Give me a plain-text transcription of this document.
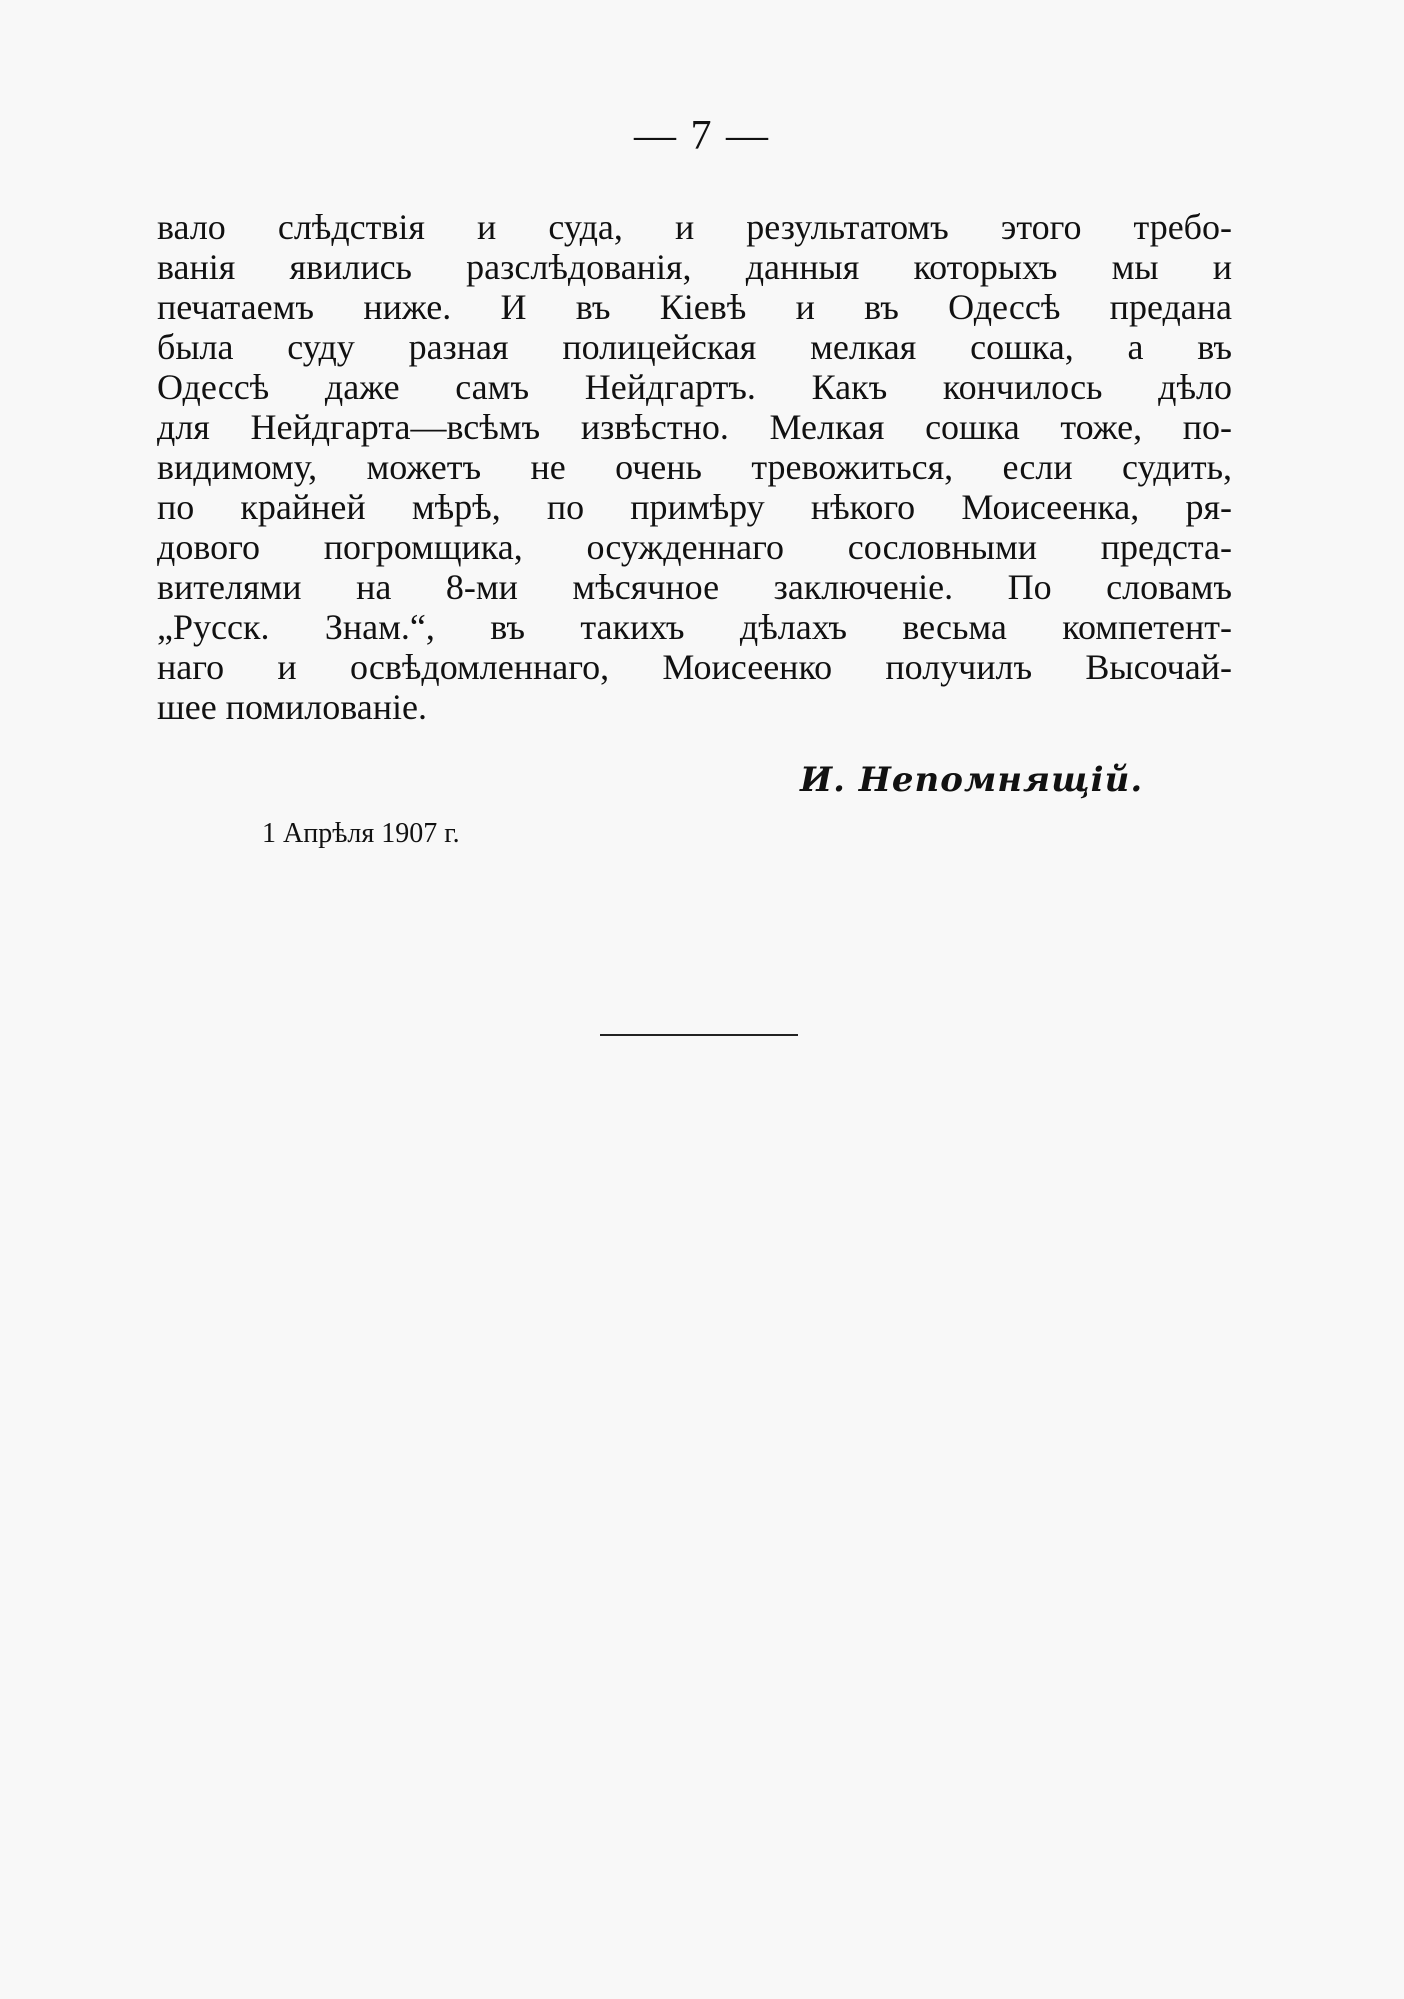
— 7 —
вало слѣдствія и суда, и результатомъ этого требо-
ванія явились разслѣдованія, данныя которыхъ мы и
печатаемъ ниже. И въ Кіевѣ и въ Одессѣ предана
была суду разная полицейская мелкая сошка, а въ
Одессѣ даже самъ Нейдгартъ. Какъ кончилось дѣло
для Нейдгарта—всѣмъ извѣстно. Мелкая сошка тоже, по-
видимому, можетъ не очень тревожиться, если судить,
по крайней мѣрѣ, по примѣру нѣкого Моисеенка, ря-
дового погромщика, осужденнаго сословными предста-
вителями на 8-ми мѣсячное заключеніе. По словамъ
„Русск. Знам.“, въ такихъ дѣлахъ весьма компетент-
наго и освѣдомленнаго, Моисеенко получилъ Высочай-
шее помилованіе.
И. Непомнящій.
1 Апрѣля 1907 г.
